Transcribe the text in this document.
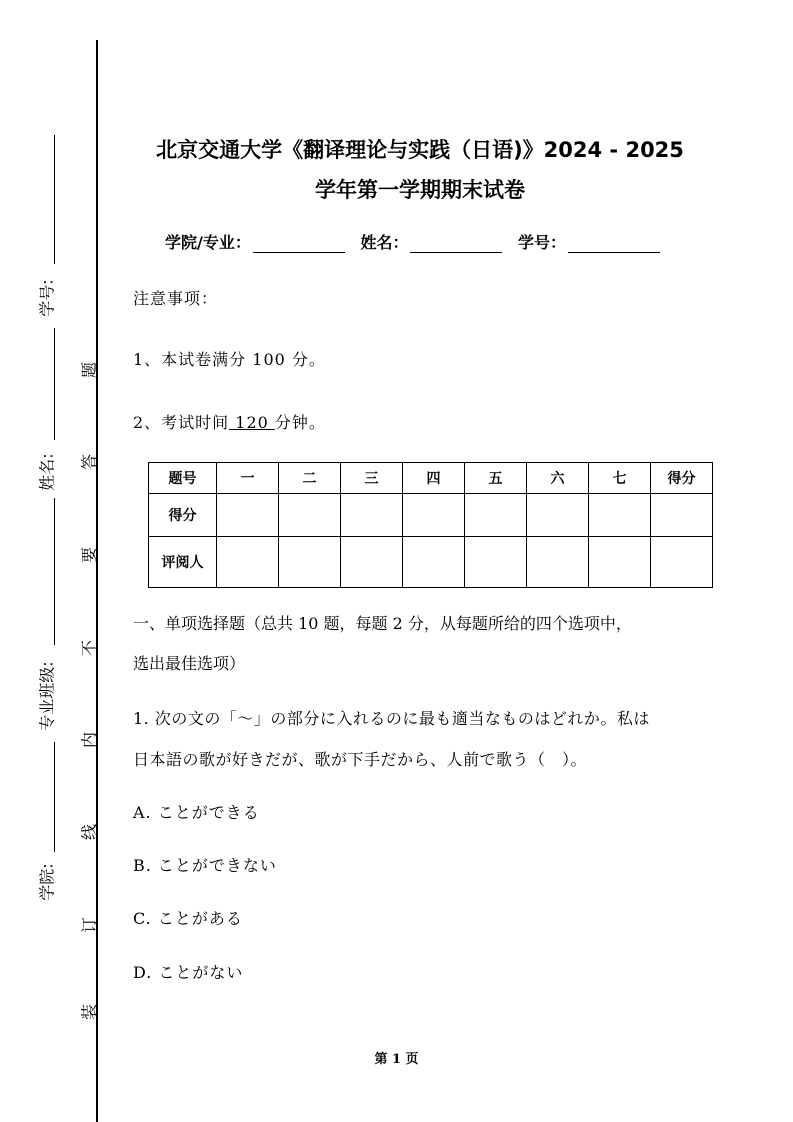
学号:
姓名:
专业班级:
学院:
题
答
要
不
内
线
订
装
北京交通大学《翻译理论与实践（日语)》2024 - 2025
学年第一学期期末试卷
学院/专业：	姓名：	学号：
注意事项：
1、本试卷满分 100 分。
2、考试时间 120 分钟。
题号	一	二	三	四	五	六	七	得分
得分								
评阅人								
一、单项选择题（总共 10 题，每题 2 分，从每题所给的四个选项中，
选出最佳选项）
1. 次の文の「～」の部分に入れるのに最も適当なものはどれか。私は
日本語の歌が好きだが、歌が下手だから、人前で歌う（　）。
A. ことができる
B. ことができない
C. ことがある
D. ことがない
第 1 页
